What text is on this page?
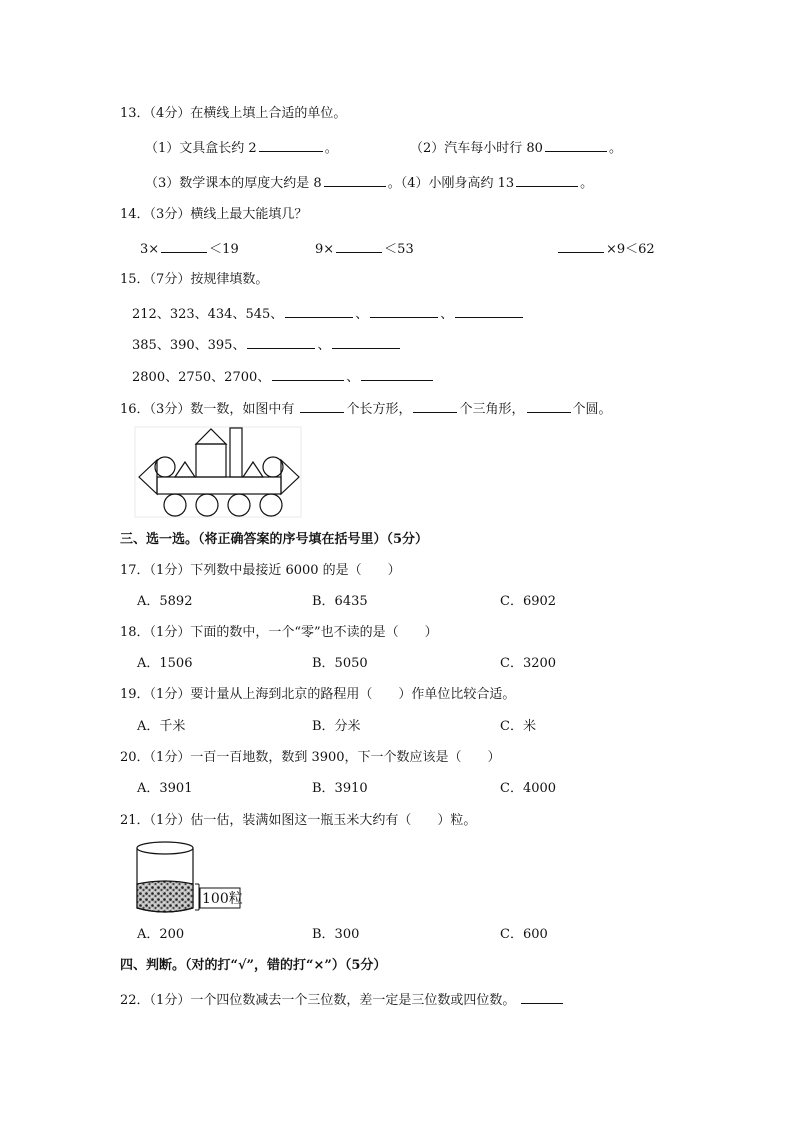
13．（4分）在横线上填上合适的单位。
（1）文具盒长约 2	。	（2）汽车每小时行 80	。
（3）数学课本的厚度大约是 8	。（4）小刚身高约 13	。
14．（3分）横线上最大能填几？
3×	＜19	9×	＜53	×9＜62
15．（7分）按规律填数。
212、323、434、545、	、	、
385、390、395、	、
2800、2750、2700、	、
16．（3分）数一数，如图中有	个长方形，	个三角形，	个圆。
三、选一选。（将正确答案的序号填在括号里）（5分）
17．（1分）下列数中最接近 6000 的是（　　）
A．5892	B．6435	C．6902
18．（1分）下面的数中，一个“零”也不读的是（　　）
A．1506	B．5050	C．3200
19．（1分）要计量从上海到北京的路程用（　　）作单位比较合适。
A．千米	B．分米	C．米
20．（1分）一百一百地数，数到 3900，下一个数应该是（　　）
A．3901	B．3910	C．4000
21．（1分）估一估，装满如图这一瓶玉米大约有（　　）粒。
100粒
A．200	B．300	C．600
四、判断。（对的打“√”，错的打“×”）（5分）
22．（1分）一个四位数减去一个三位数，差一定是三位数或四位数。
